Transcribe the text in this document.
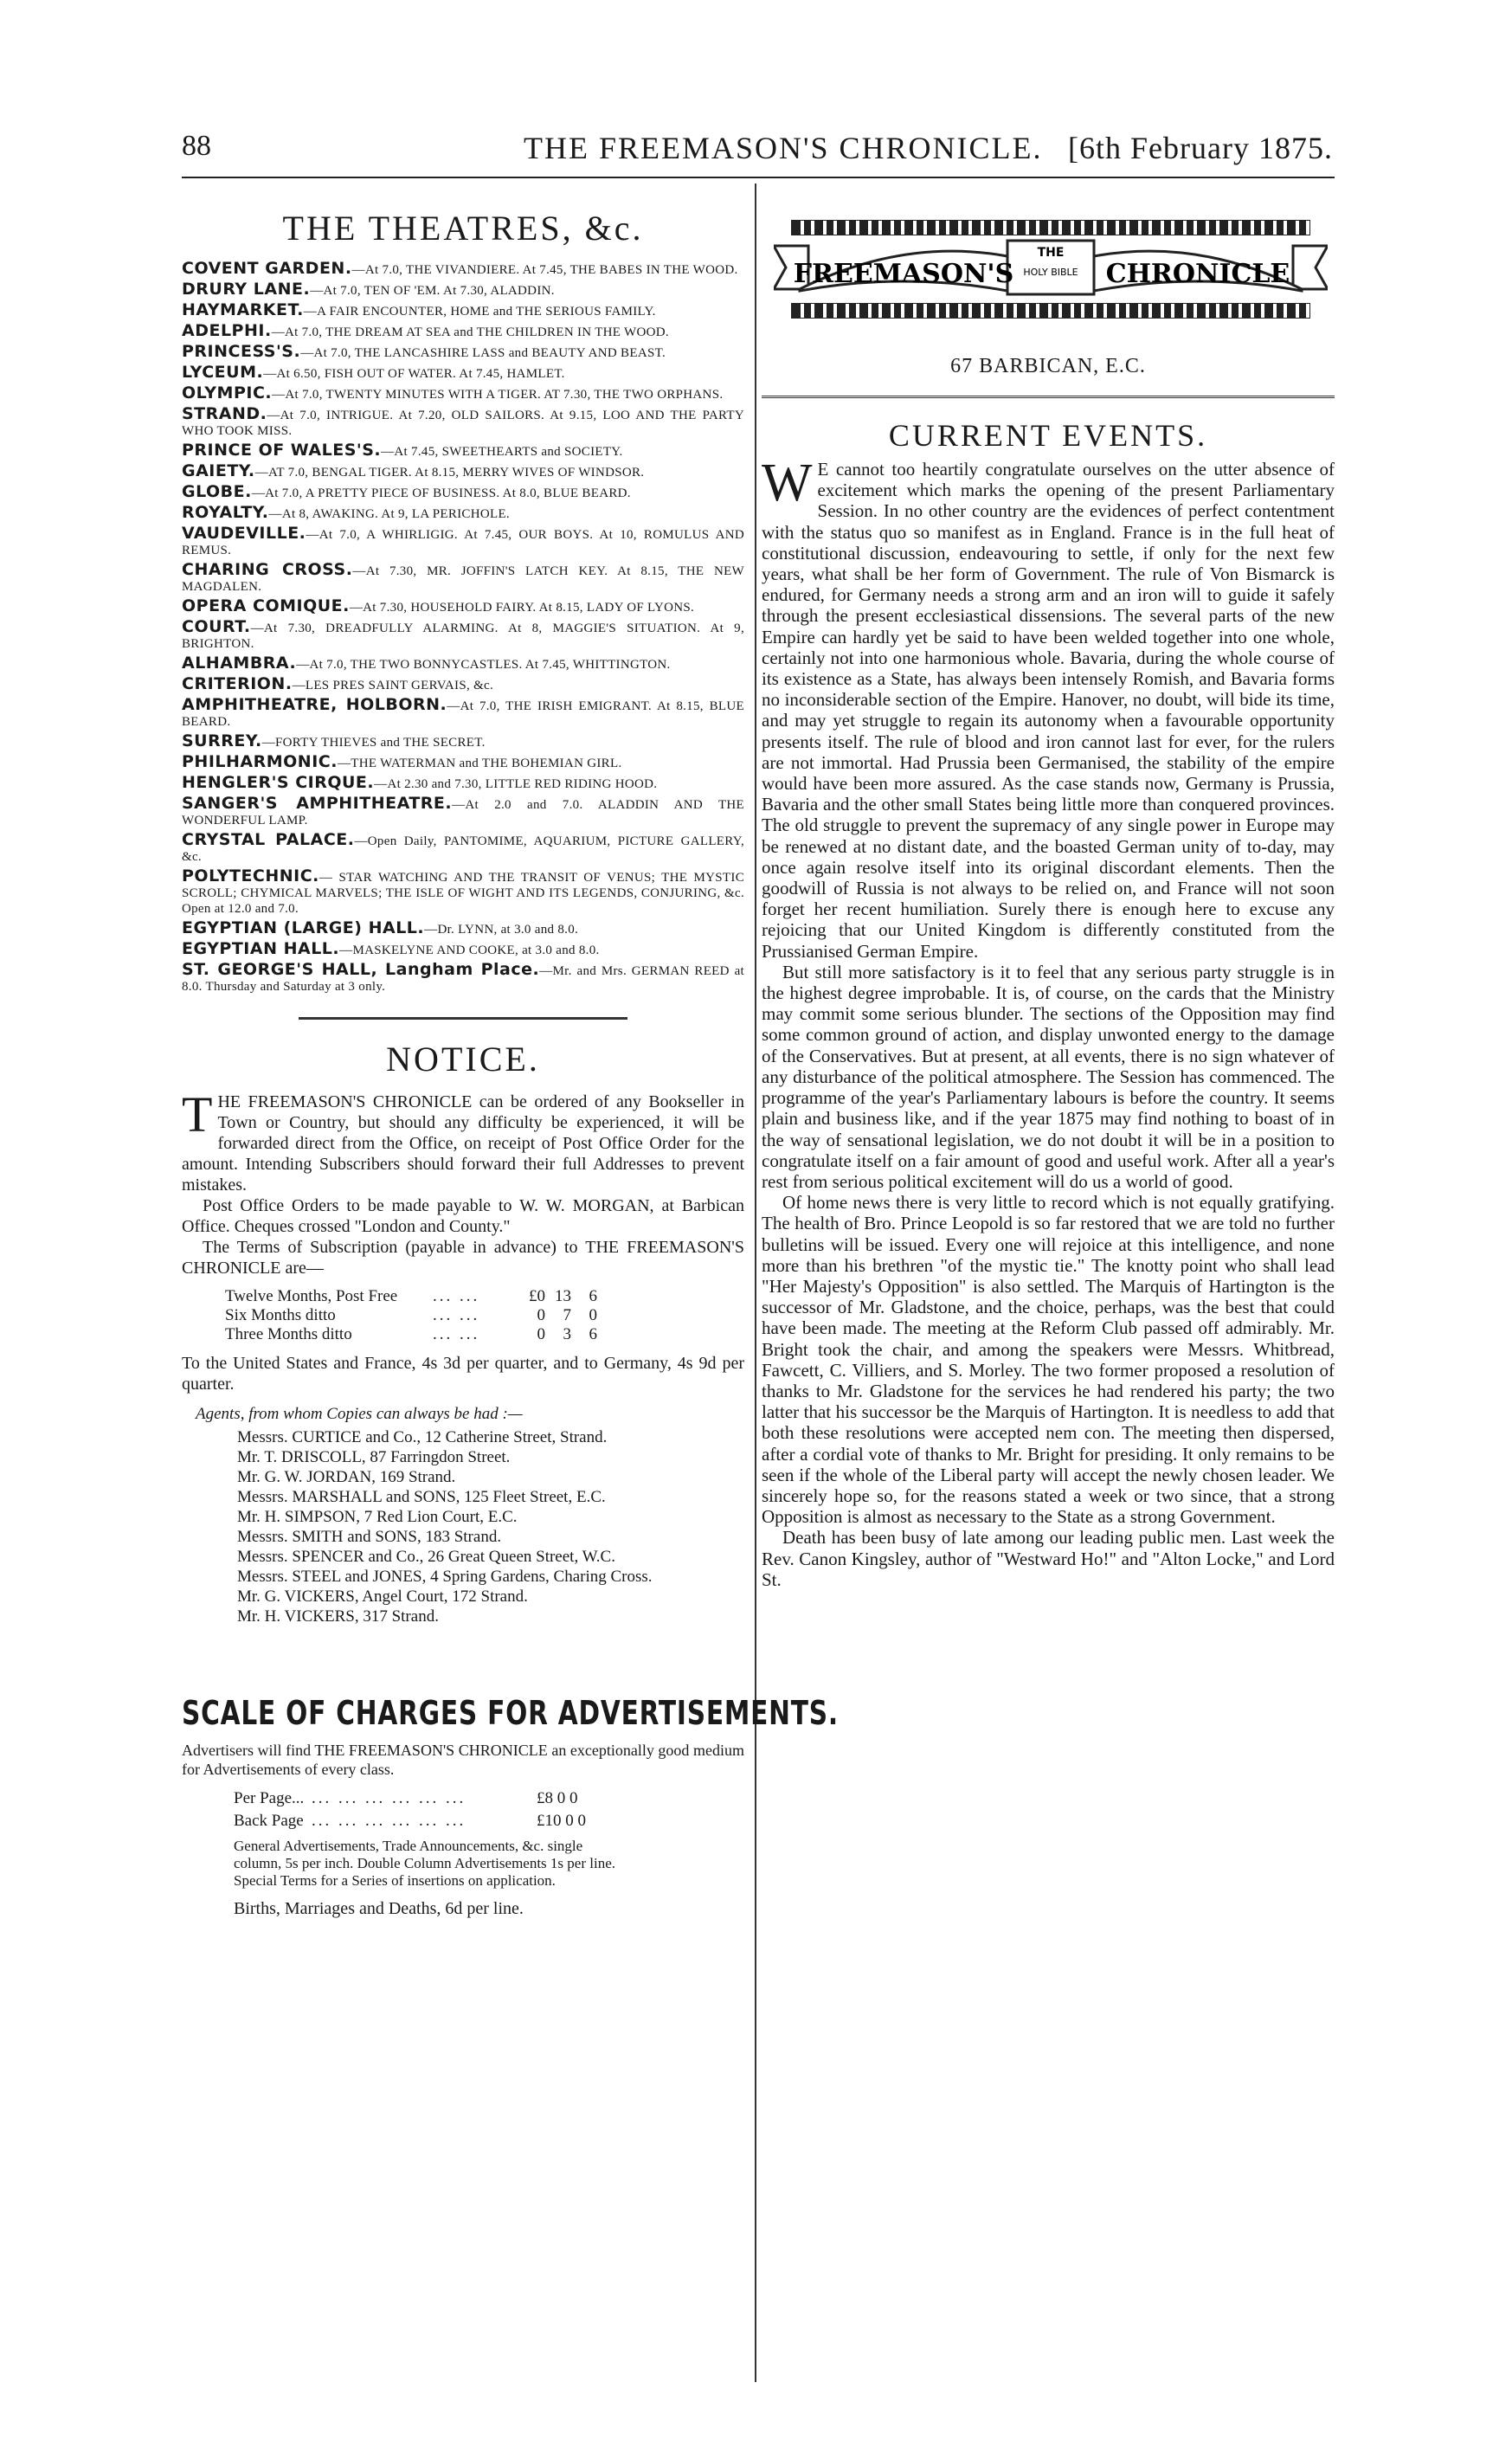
88	THE FREEMASON'S CHRONICLE. [6th February 1875.
THE THEATRES, &c.

COVENT GARDEN.—At 7.0, THE VIVANDIERE. At 7.45, THE BABES IN THE WOOD.

DRURY LANE.—At 7.0, TEN OF 'EM. At 7.30, ALADDIN.

HAYMARKET.—A FAIR ENCOUNTER, HOME and THE SERIOUS FAMILY.

ADELPHI.—At 7.0, THE DREAM AT SEA and THE CHILDREN IN THE WOOD.

PRINCESS'S.—At 7.0, THE LANCASHIRE LASS and BEAUTY AND BEAST.

LYCEUM.—At 6.50, FISH OUT OF WATER. At 7.45, HAMLET.

OLYMPIC.—At 7.0, TWENTY MINUTES WITH A TIGER. AT 7.30, THE TWO ORPHANS.

STRAND.—At 7.0, INTRIGUE. At 7.20, OLD SAILORS. At 9.15, LOO AND THE PARTY WHO TOOK MISS.

PRINCE OF WALES'S.—At 7.45, SWEETHEARTS and SOCIETY.

GAIETY.—AT 7.0, BENGAL TIGER. At 8.15, MERRY WIVES OF WINDSOR.

GLOBE.—At 7.0, A PRETTY PIECE OF BUSINESS. At 8.0, BLUE BEARD.

ROYALTY.—At 8, AWAKING. At 9, LA PERICHOLE.

VAUDEVILLE.—At 7.0, A WHIRLIGIG. At 7.45, OUR BOYS. At 10, ROMULUS AND REMUS.

CHARING CROSS.—At 7.30, MR. JOFFIN'S LATCH KEY. At 8.15, THE NEW MAGDALEN.

OPERA COMIQUE.—At 7.30, HOUSEHOLD FAIRY. At 8.15, LADY OF LYONS.

COURT.—At 7.30, DREADFULLY ALARMING. At 8, MAGGIE'S SITUATION. At 9, BRIGHTON.

ALHAMBRA.—At 7.0, THE TWO BONNYCASTLES. At 7.45, WHITTINGTON.

CRITERION.—LES PRES SAINT GERVAIS, &c.

AMPHITHEATRE, HOLBORN.—At 7.0, THE IRISH EMIGRANT. At 8.15, BLUE BEARD.

SURREY.—FORTY THIEVES and THE SECRET.

PHILHARMONIC.—THE WATERMAN and THE BOHEMIAN GIRL.

HENGLER'S CIRQUE.—At 2.30 and 7.30, LITTLE RED RIDING HOOD.

SANGER'S AMPHITHEATRE.—At 2.0 and 7.0. ALADDIN AND THE WONDERFUL LAMP.

CRYSTAL PALACE.—Open Daily, PANTOMIME, AQUARIUM, PICTURE GALLERY, &c.

POLYTECHNIC.— STAR WATCHING AND THE TRANSIT OF VENUS; THE MYSTIC SCROLL; CHYMICAL MARVELS; THE ISLE OF WIGHT AND ITS LEGENDS, CONJURING, &c. Open at 12.0 and 7.0.

EGYPTIAN (LARGE) HALL.—Dr. LYNN, at 3.0 and 8.0.

EGYPTIAN HALL.—MASKELYNE AND COOKE, at 3.0 and 8.0.

ST. GEORGE'S HALL, Langham Place.—Mr. and Mrs. GERMAN REED at 8.0. Thursday and Saturday at 3 only.

NOTICE.

THE FREEMASON'S CHRONICLE can be ordered of any Bookseller in Town or Country, but should any difficulty be experienced, it will be forwarded direct from the Office, on receipt of Post Office Order for the amount. Intending Subscribers should forward their full Addresses to prevent mistakes.

Post Office Orders to be made payable to W. W. MORGAN, at Barbican Office. Cheques crossed "London and County."

The Terms of Subscription (payable in advance) to THE FREEMASON'S CHRONICLE are—

Twelve Months, Post Free	... ...	£0 13 6
Six Months ditto	... ...	0 7 0
Three Months ditto	... ...	0 3 6

To the United States and France, 4s 3d per quarter, and to Germany, 4s 9d per quarter.

Agents, from whom Copies can always be had :—
Messrs. CURTICE and Co., 12 Catherine Street, Strand.
Mr. T. DRISCOLL, 87 Farringdon Street.
Mr. G. W. JORDAN, 169 Strand.
Messrs. MARSHALL and SONS, 125 Fleet Street, E.C.
Mr. H. SIMPSON, 7 Red Lion Court, E.C.
Messrs. SMITH and SONS, 183 Strand.
Messrs. SPENCER and Co., 26 Great Queen Street, W.C.
Messrs. STEEL and JONES, 4 Spring Gardens, Charing Cross.
Mr. G. VICKERS, Angel Court, 172 Strand.
Mr. H. VICKERS, 317 Strand.
SCALE OF CHARGES FOR ADVERTISEMENTS.

Advertisers will find THE FREEMASON'S CHRONICLE an exceptionally good medium for Advertisements of every class.

Per Page... ... ... ... ... ... ...	£8 0 0
Back Page ... ... ... ... ... ...	£10 0 0
General Advertisements, Trade Announcements, &c. single column, 5s per inch. Double Column Advertisements 1s per line. Special Terms for a Series of insertions on application.
Births, Marriages and Deaths, 6d per line.
FREEMASON'S
THE
HOLY BIBLE CHRONICLE
67 BARBICAN, E.C.
CURRENT EVENTS.

W E cannot too heartily congratulate ourselves on the utter absence of excitement which marks the opening of the present Parliamentary Session. In no other country are the evidences of perfect contentment with the status quo so manifest as in England. France is in the full heat of constitutional discussion, endeavouring to settle, if only for the next few years, what shall be her form of Government. The rule of Von Bismarck is endured, for Germany needs a strong arm and an iron will to guide it safely through the present ecclesiastical dissensions. The several parts of the new Empire can hardly yet be said to have been welded together into one whole, certainly not into one harmonious whole. Bavaria, during the whole course of its existence as a State, has always been intensely Romish, and Bavaria forms no inconsiderable section of the Empire. Hanover, no doubt, will bide its time, and may yet struggle to regain its autonomy when a favourable opportunity presents itself. The rule of blood and iron cannot last for ever, for the rulers are not immortal. Had Prussia been Germanised, the stability of the empire would have been more assured. As the case stands now, Germany is Prussia, Bavaria and the other small States being little more than conquered provinces. The old struggle to prevent the supremacy of any single power in Europe may be renewed at no distant date, and the boasted German unity of to-day, may once again resolve itself into its original discordant elements. Then the goodwill of Russia is not always to be relied on, and France will not soon forget her recent humiliation. Surely there is enough here to excuse any rejoicing that our United Kingdom is differently constituted from the Prussianised German Empire.

But still more satisfactory is it to feel that any serious party struggle is in the highest degree improbable. It is, of course, on the cards that the Ministry may commit some serious blunder. The sections of the Opposition may find some common ground of action, and display unwonted energy to the damage of the Conservatives. But at present, at all events, there is no sign whatever of any disturbance of the political atmosphere. The Session has commenced. The programme of the year's Parliamentary labours is before the country. It seems plain and business like, and if the year 1875 may find nothing to boast of in the way of sensational legislation, we do not doubt it will be in a position to congratulate itself on a fair amount of good and useful work. After all a year's rest from serious political excitement will do us a world of good.

Of home news there is very little to record which is not equally gratifying. The health of Bro. Prince Leopold is so far restored that we are told no further bulletins will be issued. Every one will rejoice at this intelligence, and none more than his brethren "of the mystic tie." The knotty point who shall lead "Her Majesty's Opposition" is also settled. The Marquis of Hartington is the successor of Mr. Gladstone, and the choice, perhaps, was the best that could have been made. The meeting at the Reform Club passed off admirably. Mr. Bright took the chair, and among the speakers were Messrs. Whitbread, Fawcett, C. Villiers, and S. Morley. The two former proposed a resolution of thanks to Mr. Gladstone for the services he had rendered his party; the two latter that his successor be the Marquis of Hartington. It is needless to add that both these resolutions were accepted nem con. The meeting then dispersed, after a cordial vote of thanks to Mr. Bright for presiding. It only remains to be seen if the whole of the Liberal party will accept the newly chosen leader. We sincerely hope so, for the reasons stated a week or two since, that a strong Opposition is almost as necessary to the State as a strong Government.

Death has been busy of late among our leading public men. Last week the Rev. Canon Kingsley, author of "Westward Ho!" and "Alton Locke," and Lord St.
